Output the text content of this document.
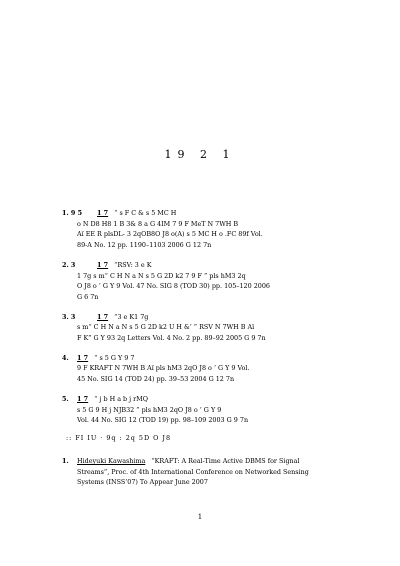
19 2 1
1. 9 5	1 7 “ s F C & s 5 MC H
o N D8 H8 1 B 3& 8 a G 4IM 7 9 F MeT N 7WH B
Aï EE R plsDL- 3 2qOB8O J8 o(A) s 5 MC H o .FC 89f Vol.
89-A No. 12 pp. 1190–1103 2006 G 12 7n
2. 3	1 7 “RSV: 3 e K
1 7g s m“ C H N a N s 5 G 2D k2 7 9 F ” pls hM3 2q
O J8 o ’ G Y 9 Vol. 47 No. SIG 8 (TOD 30) pp. 105–120 2006
G 6 7n
3. 3	1 7 “3 e K1 7g
s m“ C H N a N s 5 G 2D k2 U H &’ ” RSV N 7WH B Aï
F K” G Y 93 2q Letters Vol. 4 No. 2 pp. 89–92 2005 G 9 7n
4. 1 7 “ s 5 G Y 9 7
9 F KRAFT N 7WH B Aï pls hM3 2qO J8 o ’ G Y 9 Vol.
45 No. SIG 14 (TOD 24) pp. 39–53 2004 G 12 7n
5. 1 7 “ j b H a b j rMQ
s 5 G 9 H j NJB32 ” pls hM3 2qO J8 o ’ G Y 9
Vol. 44 No. SIG 12 (TOD 19) pp. 98–109 2003 G 9 7n
:: FI IU · 9q : 2q 5D O J8
1. Hideyuki Kawashima “KRAFT: A Real-Time Active DBMS for Signal
Streams”, Proc. of 4th International Conference on Networked Sensing
Systems (INSS’07) To Appear June 2007
1
